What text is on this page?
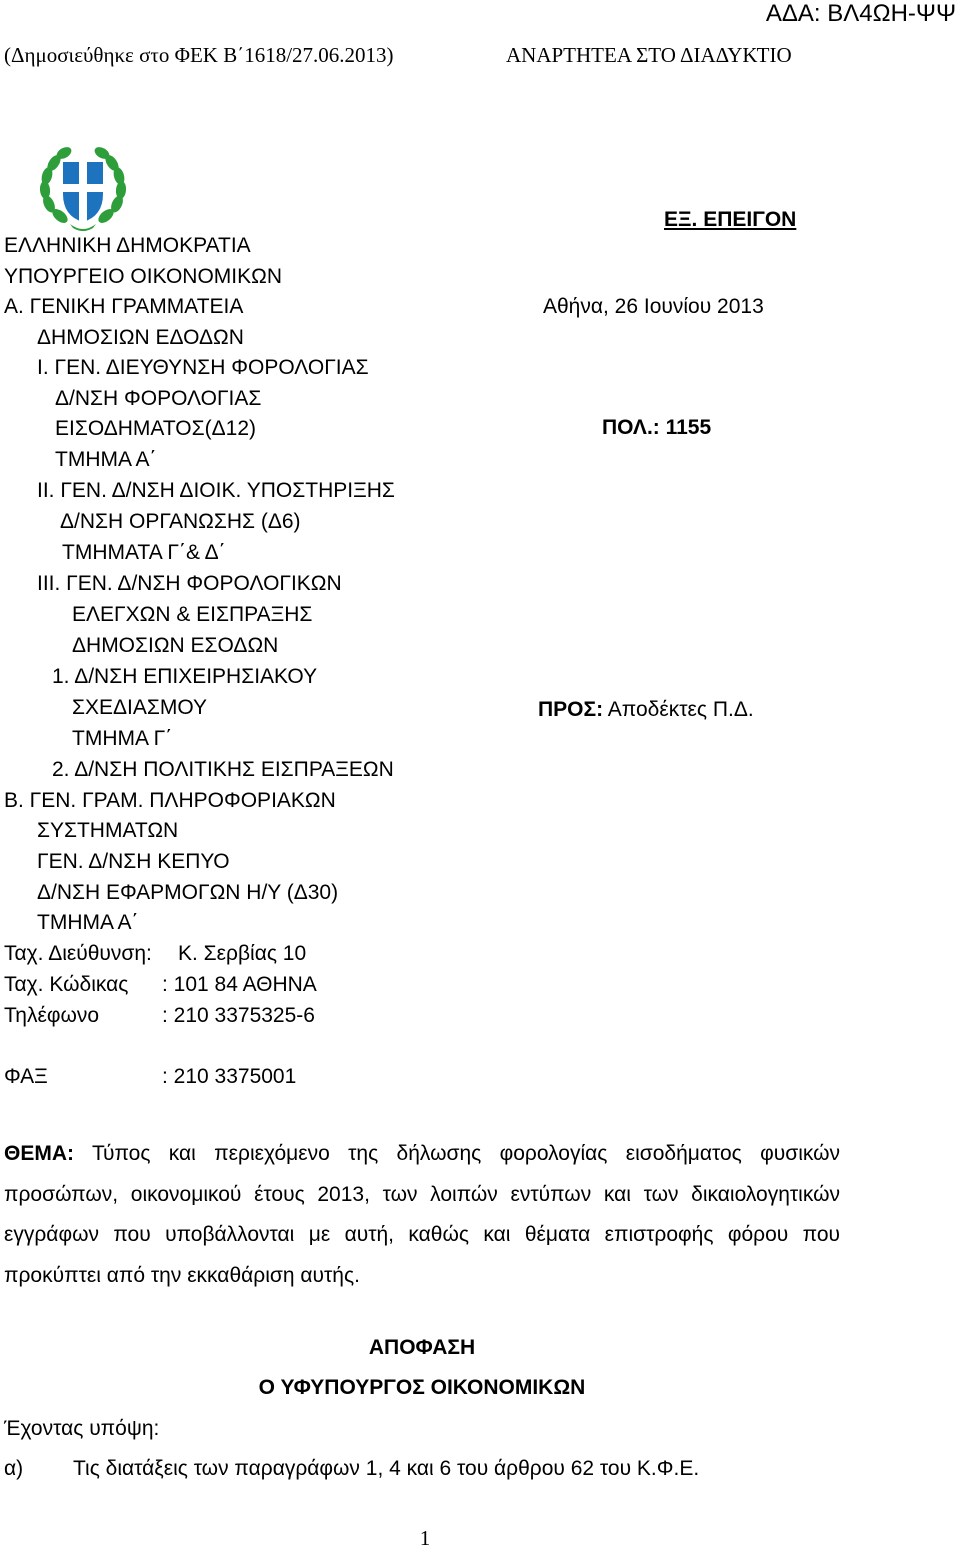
ΑΔΑ: ΒΛ4ΩΗ-ΨΨ
(Δημοσιεύθηκε στο ΦΕΚ Β΄1618/27.06.2013)	ΑΝΑΡΤΗΤΕΑ ΣΤΟ ΔΙΑΔΥΚΤΙΟ
ΕΞ. ΕΠΕΙΓΟΝ
ΕΛΛΗΝΙΚΗ ΔΗΜΟΚΡΑΤΙΑ
ΥΠΟΥΡΓΕΙΟ ΟΙΚΟΝΟΜΙΚΩΝ
Α. ΓΕΝΙΚΗ ΓΡΑΜΜΑΤΕΙΑ
ΔΗΜΟΣΙΩΝ ΕΔΟΔΩΝ
Ι. ΓΕΝ. ΔΙΕΥΘΥΝΣΗ ΦΟΡΟΛΟΓΙΑΣ
Δ/ΝΣΗ ΦΟΡΟΛΟΓΙΑΣ
ΕΙΣΟΔΗΜΑΤΟΣ(Δ12)
ΤΜΗΜΑ Α΄
ΙΙ. ΓΕΝ. Δ/ΝΣΗ ΔΙΟΙΚ. ΥΠΟΣΤΗΡΙΞΗΣ
Δ/ΝΣΗ ΟΡΓΑΝΩΣΗΣ (Δ6)
ΤΜΗΜΑΤΑ Γ΄& Δ΄
ΙΙΙ. ΓΕΝ. Δ/ΝΣΗ ΦΟΡΟΛΟΓΙΚΩΝ
ΕΛΕΓΧΩΝ & ΕΙΣΠΡΑΞΗΣ
ΔΗΜΟΣΙΩΝ ΕΣΟΔΩΝ
1. Δ/ΝΣΗ ΕΠΙΧΕΙΡΗΣΙΑΚΟΥ
ΣΧΕΔΙΑΣΜΟΥ
ΤΜΗΜΑ Γ΄
2. Δ/ΝΣΗ ΠΟΛΙΤΙΚΗΣ ΕΙΣΠΡΑΞΕΩΝ
Β. ΓΕΝ. ΓΡΑΜ. ΠΛΗΡΟΦΟΡΙΑΚΩΝ
ΣΥΣΤΗΜΑΤΩΝ
ΓΕΝ. Δ/ΝΣΗ ΚΕΠΥΟ
Δ/ΝΣΗ ΕΦΑΡΜΟΓΩΝ Η/Υ (Δ30)
ΤΜΗΜΑ Α΄
Ταχ. Διεύθυνση: Κ. Σερβίας 10
Ταχ. Κώδικας : 101 84 ΑΘΗΝΑ
Τηλέφωνο	: 210 3375325-6
ΦΑΞ	: 210 3375001
Αθήνα, 26 Ιουνίου 2013
ΠΟΛ.: 1155
ΠΡΟΣ: Αποδέκτες Π.Δ.
ΘΕΜΑ: Τύπος και περιεχόμενο της δήλωσης φορολογίας εισοδήματος φυσικών προσώπων, οικονομικού έτους 2013, των λοιπών εντύπων και των δικαιολογητικών εγγράφων που υποβάλλονται με αυτή, καθώς και θέματα επιστροφής φόρου που προκύπτει από την εκκαθάριση αυτής.
ΑΠΟΦΑΣΗ
Ο ΥΦΥΠΟΥΡΓΟΣ ΟΙΚΟΝΟΜΙΚΩΝ
Έχοντας υπόψη:
α) Τις διατάξεις των παραγράφων 1, 4 και 6 του άρθρου 62 του Κ.Φ.Ε.
1
